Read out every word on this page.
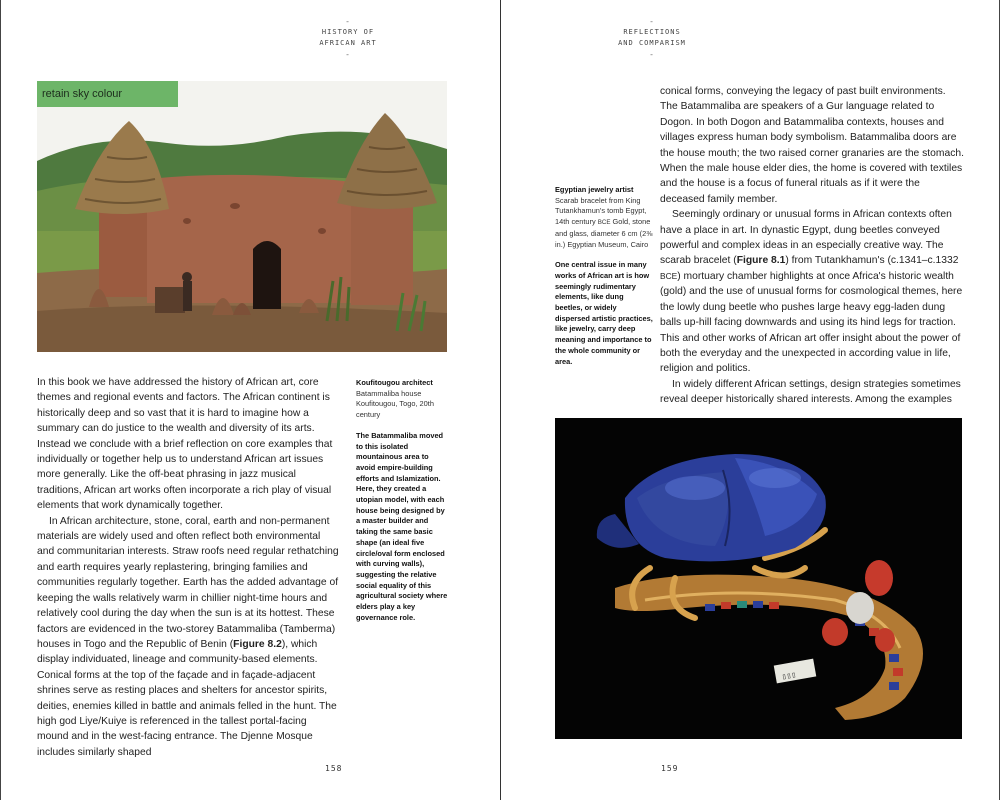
-
HISTORY OF
AFRICAN ART
-
retain sky colour

In this book we have addressed the history of African art, core themes and regional events and factors. The African continent is historically deep and so vast that it is hard to imagine how a summary can do justice to the wealth and diversity of its arts. Instead we conclude with a brief reflection on core examples that individually or together help us to understand African art issues more generally. Like the off-beat phrasing in jazz musical traditions, African art works often incorporate a rich play of visual elements that work dynamically together.

In African architecture, stone, coral, earth and non-permanent materials are widely used and often reflect both environmental and communitarian interests. Straw roofs need regular rethatching and earth requires yearly replastering, bringing families and communities regularly together. Earth has the added advantage of keeping the walls relatively warm in chillier night-time hours and relatively cool during the day when the sun is at its hottest. These factors are evidenced in the two-storey Batammaliba (Tamberma) houses in Togo and the Republic of Benin (Figure 8.2), which display individuated, lineage and community-based elements. Conical forms at the top of the façade and in façade-adjacent shrines serve as resting places and shelters for ancestor spirits, deities, enemies killed in battle and animals felled in the hunt. The high god Liye/Kuiye is referenced in the tallest portal-facing mound and in the west-facing entrance. The Djenne Mosque includes similarly shaped

Koufitougou architect

Batammaliba house

Koufitougou, Togo, 20th

century

The Batammaliba moved to this isolated mountainous area to avoid empire-building efforts and Islamization. Here, they created a utopian model, with each house being designed by a master builder and taking the same basic shape (an ideal five circle/oval form enclosed with curving walls), suggesting the relative social equality of this agricultural society where elders play a key governance role.

158
-
REFLECTIONS
AND COMPARISM
-

Egyptian jewelry artist

Scarab bracelet from King Tutankhamun's tomb Egypt, 14th century BCE Gold, stone and glass, diameter 6 cm (2⅜ in.) Egyptian Museum, Cairo

One central issue in many works of African art is how seemingly rudimentary elements, like dung beetles, or widely dispersed artistic practices, like jewelry, carry deep meaning and importance to the whole community or area.

conical forms, conveying the legacy of past built environments. The Batammaliba are speakers of a Gur language related to Dogon. In both Dogon and Batammaliba contexts, houses and villages express human body symbolism. Batammaliba doors are the house mouth; the two raised corner granaries are the stomach. When the male house elder dies, the home is covered with textiles and the house is a focus of funeral rituals as if it were the deceased family member.

Seemingly ordinary or unusual forms in African contexts often have a place in art. In dynastic Egypt, dung beetles conveyed powerful and complex ideas in an especially creative way. The scarab bracelet (Figure 8.1) from Tutankhamun's (c.1341–c.1332 BCE) mortuary chamber highlights at once Africa's historic wealth (gold) and the use of unusual forms for cosmological themes, here the lowly dung beetle who pushes large heavy egg-laden dung balls up-hill facing downwards and using its hind legs for traction. This and other works of African art offer insight about the power of both the everyday and the unexpected in according value in life, religion and politics.

In widely different African settings, design strategies sometimes reveal deeper historically shared interests. Among the examples

▯▯▯
159
